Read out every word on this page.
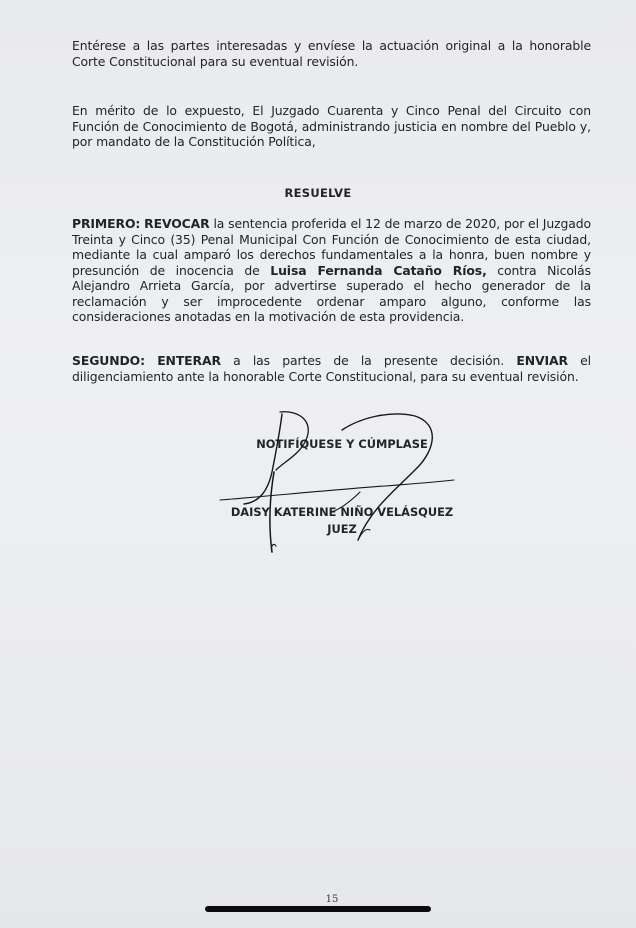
Entérese a las partes interesadas y envíese la actuación original a la honorable Corte Constitucional para su eventual revisión.

En mérito de lo expuesto, El Juzgado Cuarenta y Cinco Penal del Circuito con Función de Conocimiento de Bogotá, administrando justicia en nombre del Pueblo y, por mandato de la Constitución Política,

RESUELVE

PRIMERO: REVOCAR la sentencia proferida el 12 de marzo de 2020, por el Juzgado Treinta y Cinco (35) Penal Municipal Con Función de Conocimiento de esta ciudad, mediante la cual amparó los derechos fundamentales a la honra, buen nombre y presunción de inocencia de Luisa Fernanda Cataño Ríos, contra Nicolás Alejandro Arrieta García, por advertirse superado el hecho generador de la reclamación y ser improcedente ordenar amparo alguno, conforme las consideraciones anotadas en la motivación de esta providencia.

SEGUNDO: ENTERAR a las partes de la presente decisión. ENVIAR el diligenciamiento ante la honorable Corte Constitucional, para su eventual revisión.

NOTIFÍQUESE Y CÚMPLASE
DAISY KATERINE NIÑO VELÁSQUEZ
JUEZ
15
